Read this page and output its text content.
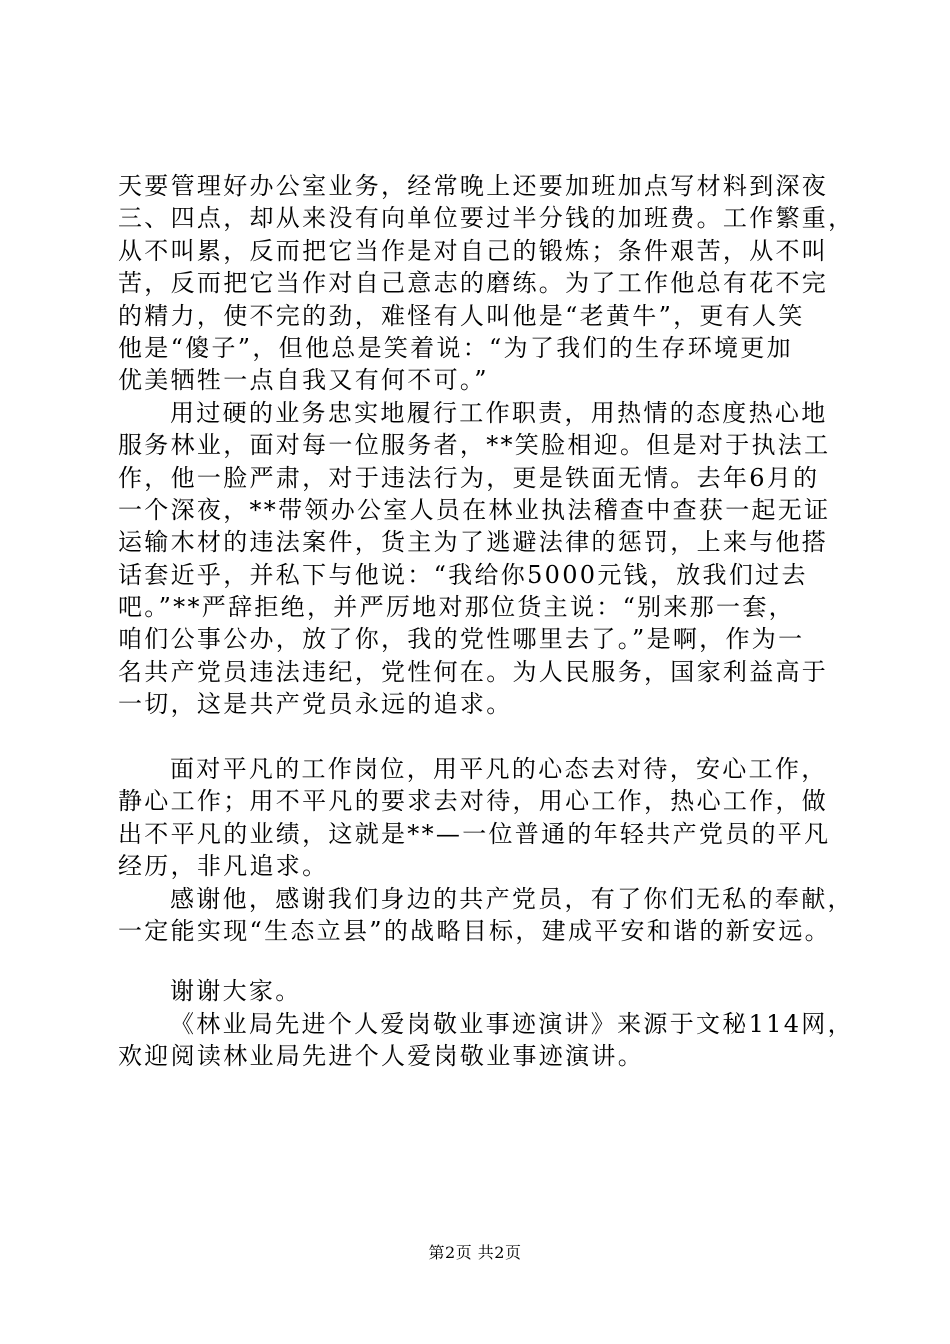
天要管理好办公室业务，经常晚上还要加班加点写材料到深夜
三、四点，却从来没有向单位要过半分钱的加班费。工作繁重，
从不叫累，反而把它当作是对自己的锻炼；条件艰苦，从不叫
苦，反而把它当作对自己意志的磨练。为了工作他总有花不完
的精力，使不完的劲，难怪有人叫他是“老黄牛”，更有人笑
他是“傻子”，但他总是笑着说：“为了我们的生存环境更加
优美牺牲一点自我又有何不可。”
用过硬的业务忠实地履行工作职责，用热情的态度热心地
服务林业，面对每一位服务者，**笑脸相迎。但是对于执法工
作，他一脸严肃，对于违法行为，更是铁面无情。去年6月的
一个深夜，**带领办公室人员在林业执法稽查中查获一起无证
运输木材的违法案件，货主为了逃避法律的惩罚，上来与他搭
话套近乎，并私下与他说：“我给你5000元钱，放我们过去
吧。”**严辞拒绝，并严厉地对那位货主说：“别来那一套，
咱们公事公办，放了你，我的党性哪里去了。”是啊，作为一
名共产党员违法违纪，党性何在。为人民服务，国家利益高于
一切，这是共产党员永远的追求。
面对平凡的工作岗位，用平凡的心态去对待，安心工作，
静心工作；用不平凡的要求去对待，用心工作，热心工作，做
出不平凡的业绩，这就是**—一位普通的年轻共产党员的平凡
经历，非凡追求。
感谢他，感谢我们身边的共产党员，有了你们无私的奉献，
一定能实现“生态立县”的战略目标，建成平安和谐的新安远。
谢谢大家。
《林业局先进个人爱岗敬业事迹演讲》来源于文秘114网，
欢迎阅读林业局先进个人爱岗敬业事迹演讲。
第2页 共2页
